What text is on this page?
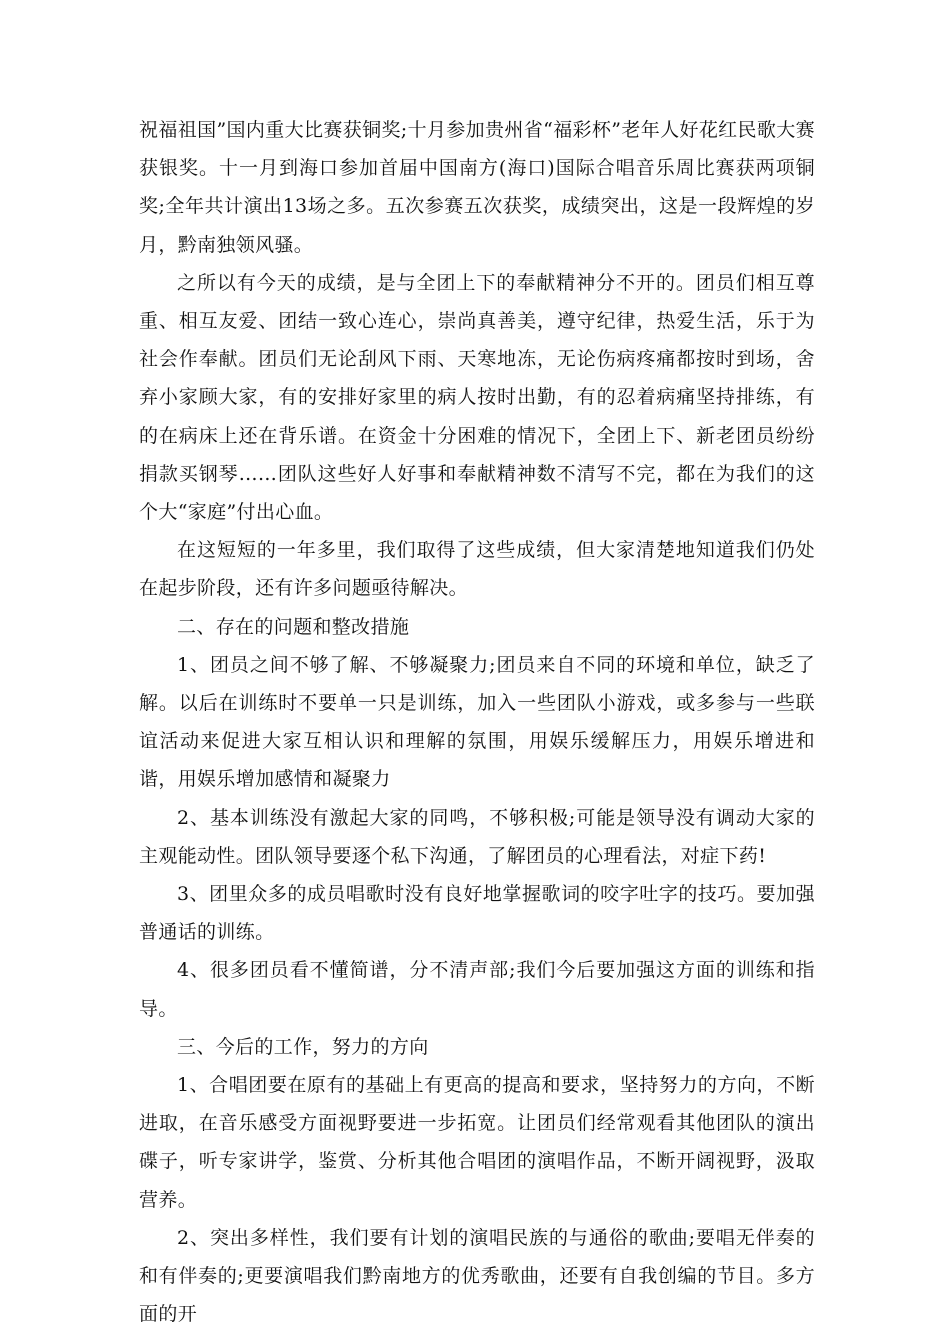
祝福祖国”国内重大比赛获铜奖;十月参加贵州省“福彩杯”老年人好花红民歌大赛获银奖。十一月到海口参加首届中国南方(海口)国际合唱音乐周比赛获两项铜奖;全年共计演出13场之多。五次参赛五次获奖，成绩突出，这是一段辉煌的岁月，黔南独领风骚。

之所以有今天的成绩，是与全团上下的奉献精神分不开的。团员们相互尊重、相互友爱、团结一致心连心，崇尚真善美，遵守纪律，热爱生活，乐于为社会作奉献。团员们无论刮风下雨、天寒地冻，无论伤病疼痛都按时到场，舍弃小家顾大家，有的安排好家里的病人按时出勤，有的忍着病痛坚持排练，有的在病床上还在背乐谱。在资金十分困难的情况下，全团上下、新老团员纷纷捐款买钢琴……团队这些好人好事和奉献精神数不清写不完，都在为我们的这个大“家庭”付出心血。

在这短短的一年多里，我们取得了这些成绩，但大家清楚地知道我们仍处在起步阶段，还有许多问题亟待解决。

二、存在的问题和整改措施

1、团员之间不够了解、不够凝聚力;团员来自不同的环境和单位，缺乏了解。以后在训练时不要单一只是训练，加入一些团队小游戏，或多参与一些联谊活动来促进大家互相认识和理解的氛围，用娱乐缓解压力，用娱乐增进和谐，用娱乐增加感情和凝聚力

2、基本训练没有激起大家的同鸣，不够积极;可能是领导没有调动大家的主观能动性。团队领导要逐个私下沟通，了解团员的心理看法，对症下药!

3、团里众多的成员唱歌时没有良好地掌握歌词的咬字吐字的技巧。要加强普通话的训练。

4、很多团员看不懂简谱，分不清声部;我们今后要加强这方面的训练和指导。

三、今后的工作，努力的方向

1、合唱团要在原有的基础上有更高的提高和要求，坚持努力的方向，不断进取，在音乐感受方面视野要进一步拓宽。让团员们经常观看其他团队的演出碟子，听专家讲学，鉴赏、分析其他合唱团的演唱作品，不断开阔视野，汲取营养。

2、突出多样性，我们要有计划的演唱民族的与通俗的歌曲;要唱无伴奏的和有伴奏的;更要演唱我们黔南地方的优秀歌曲，还要有自我创编的节目。多方面的开
